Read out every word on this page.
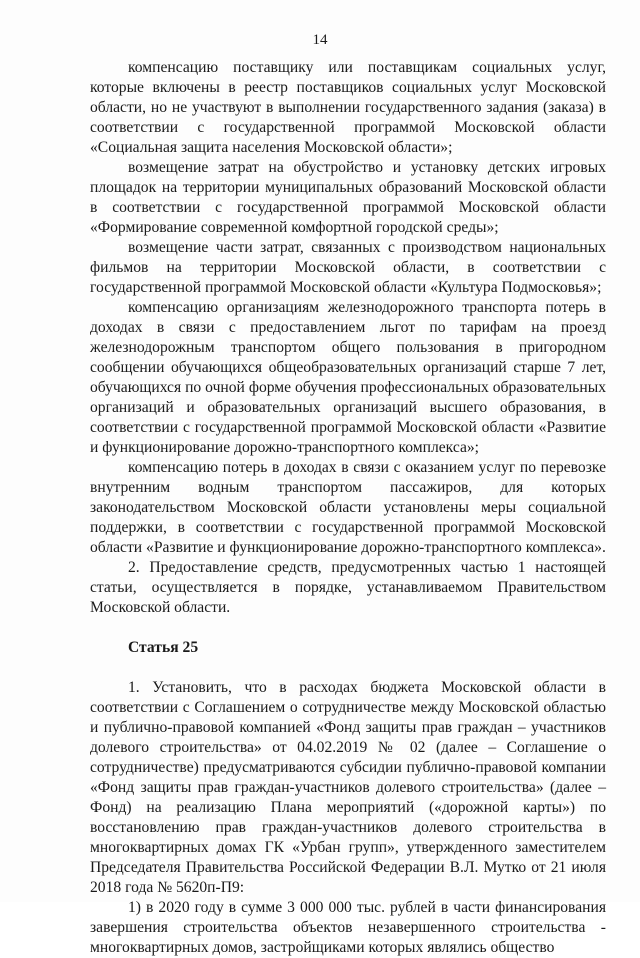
14

компенсацию поставщику или поставщикам социальных услуг, которые включены в реестр поставщиков социальных услуг Московской области, но не участвуют в выполнении государственного задания (заказа) в соответствии с государственной программой Московской области «Социальная защита населения Московской области»;

возмещение затрат на обустройство и установку детских игровых площадок на территории муниципальных образований Московской области в соответствии с государственной программой Московской области «Формирование современной комфортной городской среды»;

возмещение части затрат, связанных с производством национальных фильмов на территории Московской области, в соответствии с государственной программой Московской области «Культура Подмосковья»;

компенсацию организациям железнодорожного транспорта потерь в доходах в связи с предоставлением льгот по тарифам на проезд железнодорожным транспортом общего пользования в пригородном сообщении обучающихся общеобразовательных организаций старше 7 лет, обучающихся по очной форме обучения профессиональных образовательных организаций и образовательных организаций высшего образования, в соответствии с государственной программой Московской области «Развитие и функционирование дорожно-транспортного комплекса»;

компенсацию потерь в доходах в связи с оказанием услуг по перевозке внутренним водным транспортом пассажиров, для которых законодательством Московской области установлены меры социальной поддержки, в соответствии с государственной программой Московской области «Развитие и функционирование дорожно-транспортного комплекса».

2. Предоставление средств, предусмотренных частью 1 настоящей статьи, осуществляется в порядке, устанавливаемом Правительством Московской области.

Статья 25

1. Установить, что в расходах бюджета Московской области в соответствии с Соглашением о сотрудничестве между Московской областью и публично-правовой компанией «Фонд защиты прав граждан – участников долевого строительства» от 04.02.2019 № 02 (далее – Соглашение о сотрудничестве) предусматриваются субсидии публично-правовой компании «Фонд защиты прав граждан-участников долевого строительства» (далее – Фонд) на реализацию Плана мероприятий («дорожной карты») по восстановлению прав граждан-участников долевого строительства в многоквартирных домах ГК «Урбан групп», утвержденного заместителем Председателя Правительства Российской Федерации В.Л. Мутко от 21 июля 2018 года № 5620п-П9:

1) в 2020 году в сумме 3 000 000 тыс. рублей в части финансирования завершения строительства объектов незавершенного строительства - многоквартирных домов, застройщиками которых являлись общество
